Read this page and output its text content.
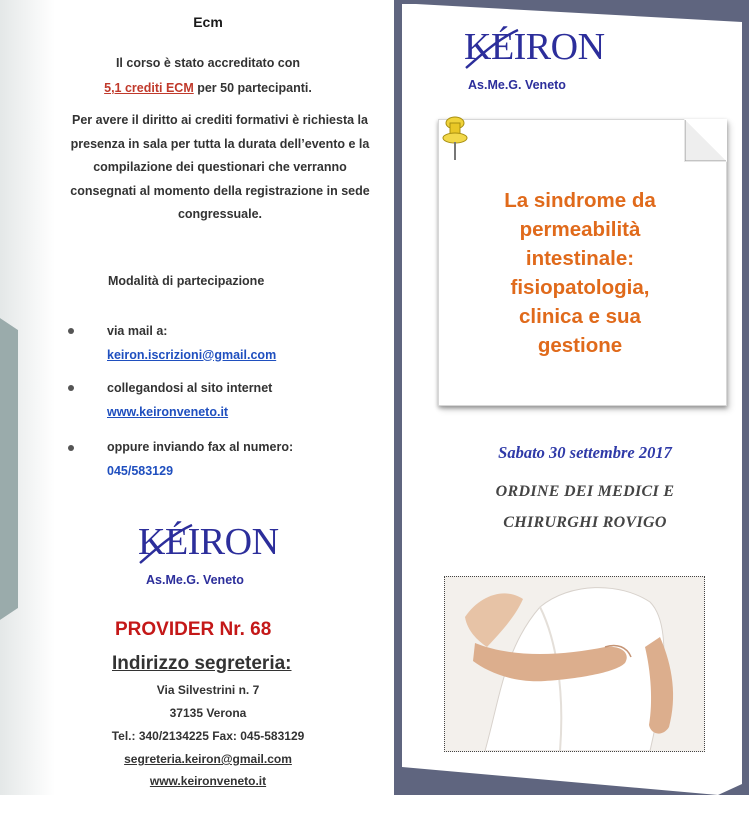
Ecm
Il corso è stato accreditato con
5,1 crediti ECM per 50 partecipanti.
Per avere il diritto ai crediti formativi è richiesta la presenza in sala per tutta la durata dell’evento e la compilazione dei questionari che verranno consegnati al momento della registrazione in sede congressuale.
Modalità di partecipazione
via mail a:
keiron.iscrizioni@gmail.com
collegandosi al sito internet
www.keironveneto.it
oppure inviando fax al numero:
045/583129
KÉIRON
As.Me.G. Veneto
PROVIDER Nr. 68
Indirizzo segreteria:
Via Silvestrini n. 7
37135 Verona
Tel.: 340/2134225 Fax: 045-583129
segreteria.keiron@gmail.com
www.keironveneto.it
KÉIRON
As.Me.G. Veneto
La sindrome da
permeabilità
intestinale:
fisiopatologia,
clinica e sua
gestione
Sabato 30 settembre 2017
ORDINE DEI MEDICI E
CHIRURGHI ROVIGO
